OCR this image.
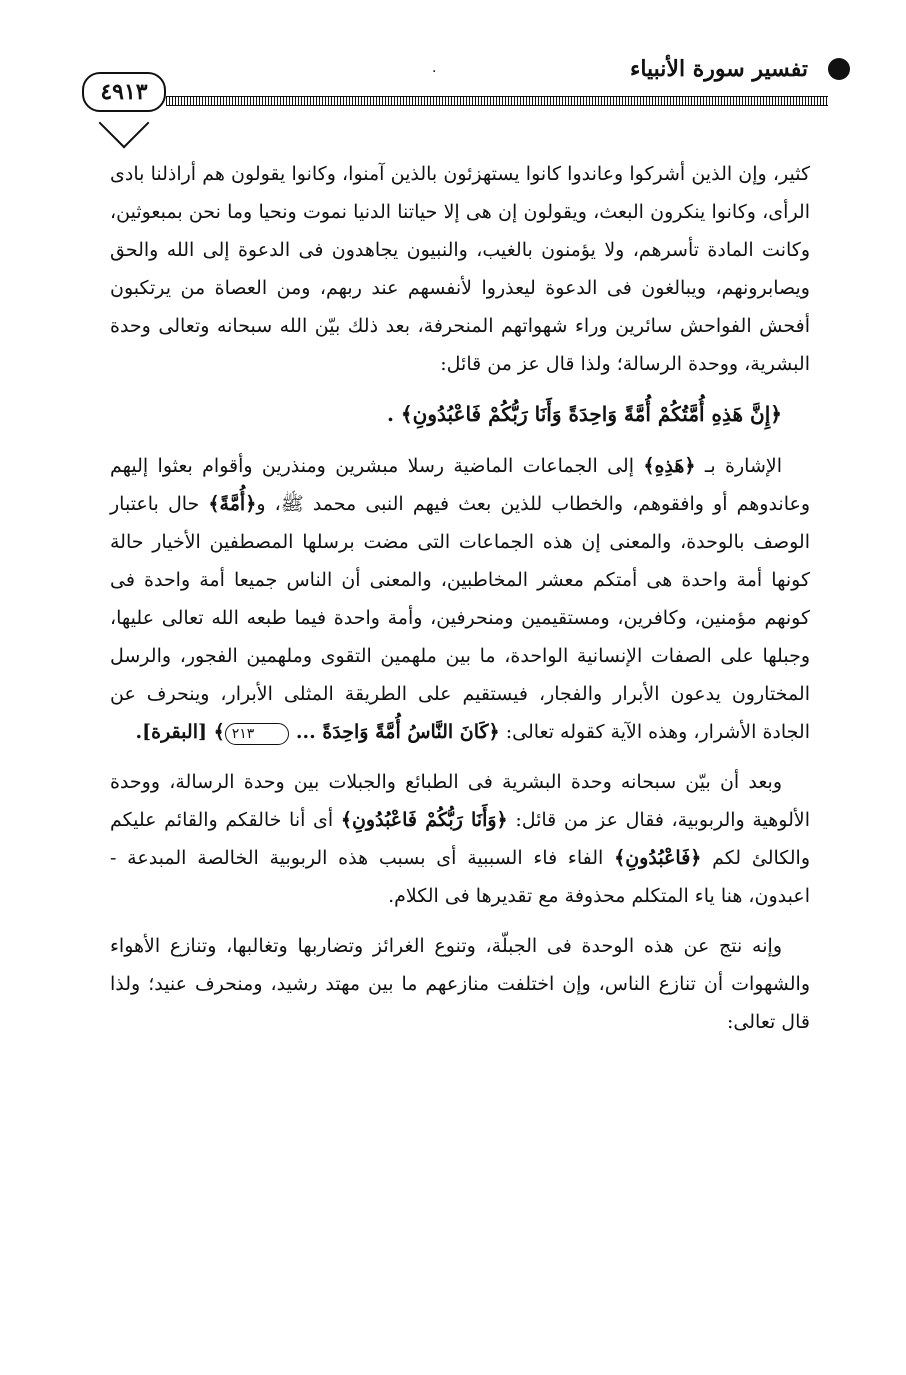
٤٩١٣
تفسير سورة الأنبياء
.

كثير، وإن الذين أشركوا وعاندوا كانوا يستهزئون بالذين آمنوا، وكانوا يقولون هم أراذلنا بادى الرأى، وكانوا ينكرون البعث، ويقولون إن هى إلا حياتنا الدنيا نموت ونحيا وما نحن بمبعوثين، وكانت المادة تأسرهم، ولا يؤمنون بالغيب، والنبيون يجاهدون فى الدعوة إلى الله والحق ويصابرونهم، ويبالغون فى الدعوة ليعذروا لأنفسهم عند ربهم، ومن العصاة من يرتكبون أفحش الفواحش سائرين وراء شهواتهم المنحرفة، بعد ذلك بيّن الله سبحانه وتعالى وحدة البشرية، ووحدة الرسالة؛ ولذا قال عز من قائل:

﴿إِنَّ هَذِهِ أُمَّتُكُمْ أُمَّةً وَاحِدَةً وَأَنَا رَبُّكُمْ فَاعْبُدُونِ﴾ .

الإشارة بـ ﴿هَذِهِ﴾ إلى الجماعات الماضية رسلا مبشرين ومنذرين وأقوام بعثوا إليهم وعاندوهم أو وافقوهم، والخطاب للذين بعث فيهم النبى محمد ﷺ، و﴿أُمَّةً﴾ حال باعتبار الوصف بالوحدة، والمعنى إن هذه الجماعات التى مضت برسلها المصطفين الأخيار حالة كونها أمة واحدة هى أمتكم معشر المخاطبين، والمعنى أن الناس جميعا أمة واحدة فى كونهم مؤمنين، وكافرين، ومستقيمين ومنحرفين، وأمة واحدة فيما طبعه الله تعالى عليها، وجبلها على الصفات الإنسانية الواحدة، ما بين ملهمين التقوى وملهمين الفجور، والرسل المختارون يدعون الأبرار والفجار، فيستقيم على الطريقة المثلى الأبرار، وينحرف عن الجادة الأشرار، وهذه الآية كقوله تعالى: ﴿كَانَ النَّاسُ أُمَّةً وَاحِدَةً ... ٢١٣﴾ [البقرة].

وبعد أن بيّن سبحانه وحدة البشرية فى الطبائع والجبلات بين وحدة الرسالة، ووحدة الألوهية والربوبية، فقال عز من قائل: ﴿وَأَنَا رَبُّكُمْ فَاعْبُدُونِ﴾ أى أنا خالقكم والقائم عليكم والكالئ لكم ﴿فَاعْبُدُونِ﴾ الفاء فاء السببية أى بسبب هذه الربوبية الخالصة المبدعة - اعبدون، هنا ياء المتكلم محذوفة مع تقديرها فى الكلام.

وإنه نتج عن هذه الوحدة فى الجبلّة، وتنوع الغرائز وتضاربها وتغالبها، وتنازع الأهواء والشهوات أن تنازع الناس، وإن اختلفت منازعهم ما بين مهتد رشيد، ومنحرف عنيد؛ ولذا قال تعالى:
